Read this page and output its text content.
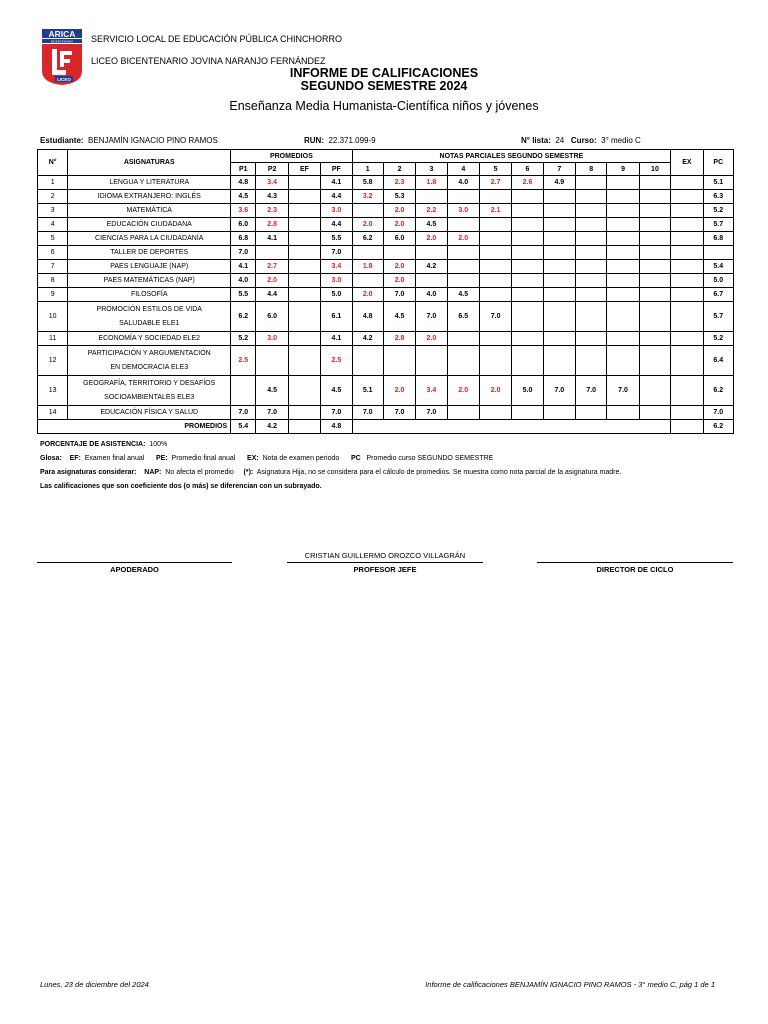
ARICA
BICENTENARIO
LICEO
SERVICIO LOCAL DE EDUCACIÓN PÚBLICA CHINCHORRO
LICEO BICENTENARIO JOVINA NARANJO FERNÁNDEZ
INFORME DE CALIFICACIONES
SEGUNDO SEMESTRE 2024
Enseñanza Media Humanista-Científica niños y jóvenes
Estudiante: BENJAMÍN IGNACIO PINO RAMOS	RUN: 22.371.099-9	N° lista: 24 Curso: 3° medio C
N°	ASIGNATURAS	PROMEDIOS				NOTAS PARCIALES SEGUNDO SEMESTRE										EX	PC
		P1	P2	EF	PF	1	2	3	4	5	6	7	8	9	10		
1	LENGUA Y LITERATURA	4.8	3.4		4.1	5.8	2.3	1.8	4.0	2.7	2.6	4.9					5.1
2	IDIOMA EXTRANJERO: INGLÉS	4.5	4.3		4.4	3.2	5.3										6.3
3	MATEMÁTICA	3.6	2.3		3.0		2.0	2.2	3.0	2.1							5.2
4	EDUCACIÓN CIUDADANA	6.0	2.8		4.4	2.0	2.0	4.5									5.7
5	CIENCIAS PARA LA CIUDADANÍA	6.8	4.1		5.5	6.2	6.0	2.0	2.0								6.8
6	TALLER DE DEPORTES	7.0			7.0												
7	PAES LENGUAJE (NAP)	4.1	2.7		3.4	1.8	2.0	4.2									5.4
8	PAES MATEMÁTICAS (NAP)	4.0	2.0		3.0		2.0										5.0
9	FILOSOFÍA	5.5	4.4		5.0	2.0	7.0	4.0	4.5								6.7
10	PROMOCIÓN ESTILOS DE VIDA
SALUDABLE ELE1	6.2	6.0		6.1	4.8	4.5	7.0	6.5	7.0							5.7
11	ECONOMÍA Y SOCIEDAD ELE2	5.2	3.0		4.1	4.2	2.8	2.0									5.2
12	PARTICIPACIÓN Y ARGUMENTACIÓN
EN DEMOCRACIA ELE3	2.5			2.5												6.4
13	GEOGRAFÍA, TERRITORIO Y DESAFÍOS
SOCIOAMBIENTALES ELE3		4.5		4.5	5.1	2.0	3.4	2.0	2.0	5.0	7.0	7.0	7.0			6.2
14	EDUCACIÓN FÍSICA Y SALUD	7.0	7.0		7.0	7.0	7.0	7.0									7.0
PROMEDIOS		5.4	4.2		4.8												6.2
PORCENTAJE DE ASISTENCIA: 100%
Glosa: EF: Examen final anual PE: Promedio final anual EX: Nota de examen periodo PC Promedio curso SEGUNDO SEMESTRE
Para asignaturas considerar: NAP: No afecta el promedio (*): Asignatura Hija, no se considera para el cálculo de promedios. Se muestra como nota parcial de la asignatura madre.
Las calificaciones que son coeficiente dos (o más) se diferencian con un subrayado.
CRISTIAN GUILLERMO OROZCO VILLAGRÁN
APODERADO	PROFESOR JEFE	DIRECTOR DE CICLO
Lunes, 23 de diciembre del 2024	Informe de calificaciones BENJAMÍN IGNACIO PINO RAMOS - 3° medio C, pág 1 de 1
